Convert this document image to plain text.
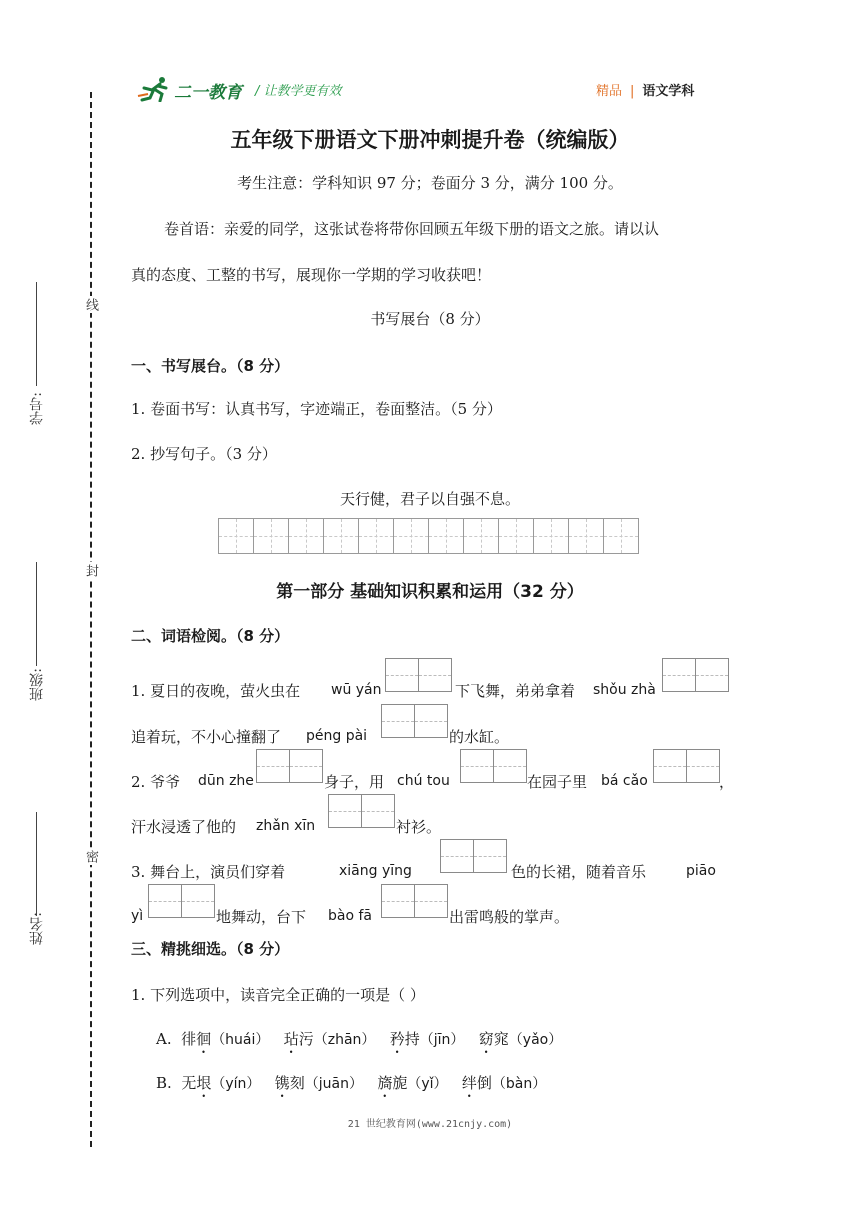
二一教育 / 让教学更有效	精品 | 语文学科
线
封
密
学号:
班级:
姓名:
五年级下册语文下册冲刺提升卷（统编版）
考生注意：学科知识 97 分；卷面分 3 分，满分 100 分。
卷首语：亲爱的同学，这张试卷将带你回顾五年级下册的语文之旅。请以认
真的态度、工整的书写，展现你一学期的学习收获吧！
书写展台（8 分）
一、书写展台。（8 分）
1. 卷面书写：认真书写，字迹端正，卷面整洁。（5 分）
2. 抄写句子。（3 分）
天行健，君子以自强不息。
第一部分 基础知识积累和运用（32 分）
二、词语检阅。（8 分）
1. 夏日的夜晚，萤火虫在 wū yán	下飞舞，弟弟拿着 shǒu zhà
追着玩，不小心撞翻了 péng pài	的水缸。
2. 爷爷 dūn zhe	身子，用 chú tou	在园子里 bá cǎo	，
汗水浸透了他的 zhǎn xīn	衬衫。
3. 舞台上，演员们穿着	xiāng yīng	色的长裙，随着音乐	piāo
yì	地舞动，台下 bào fā	出雷鸣般的掌声。
三、精挑细选。（8 分）
1. 下列选项中，读音完全正确的一项是（ ）
A. 徘徊（huái） 玷污（zhān） 矜持（jīn） 窈窕（yǎo）
B. 无垠（yín） 镌刻（juān） 旖旎（yǐ） 绊倒（bàn）
21 世纪教育网(www.21cnjy.com)
